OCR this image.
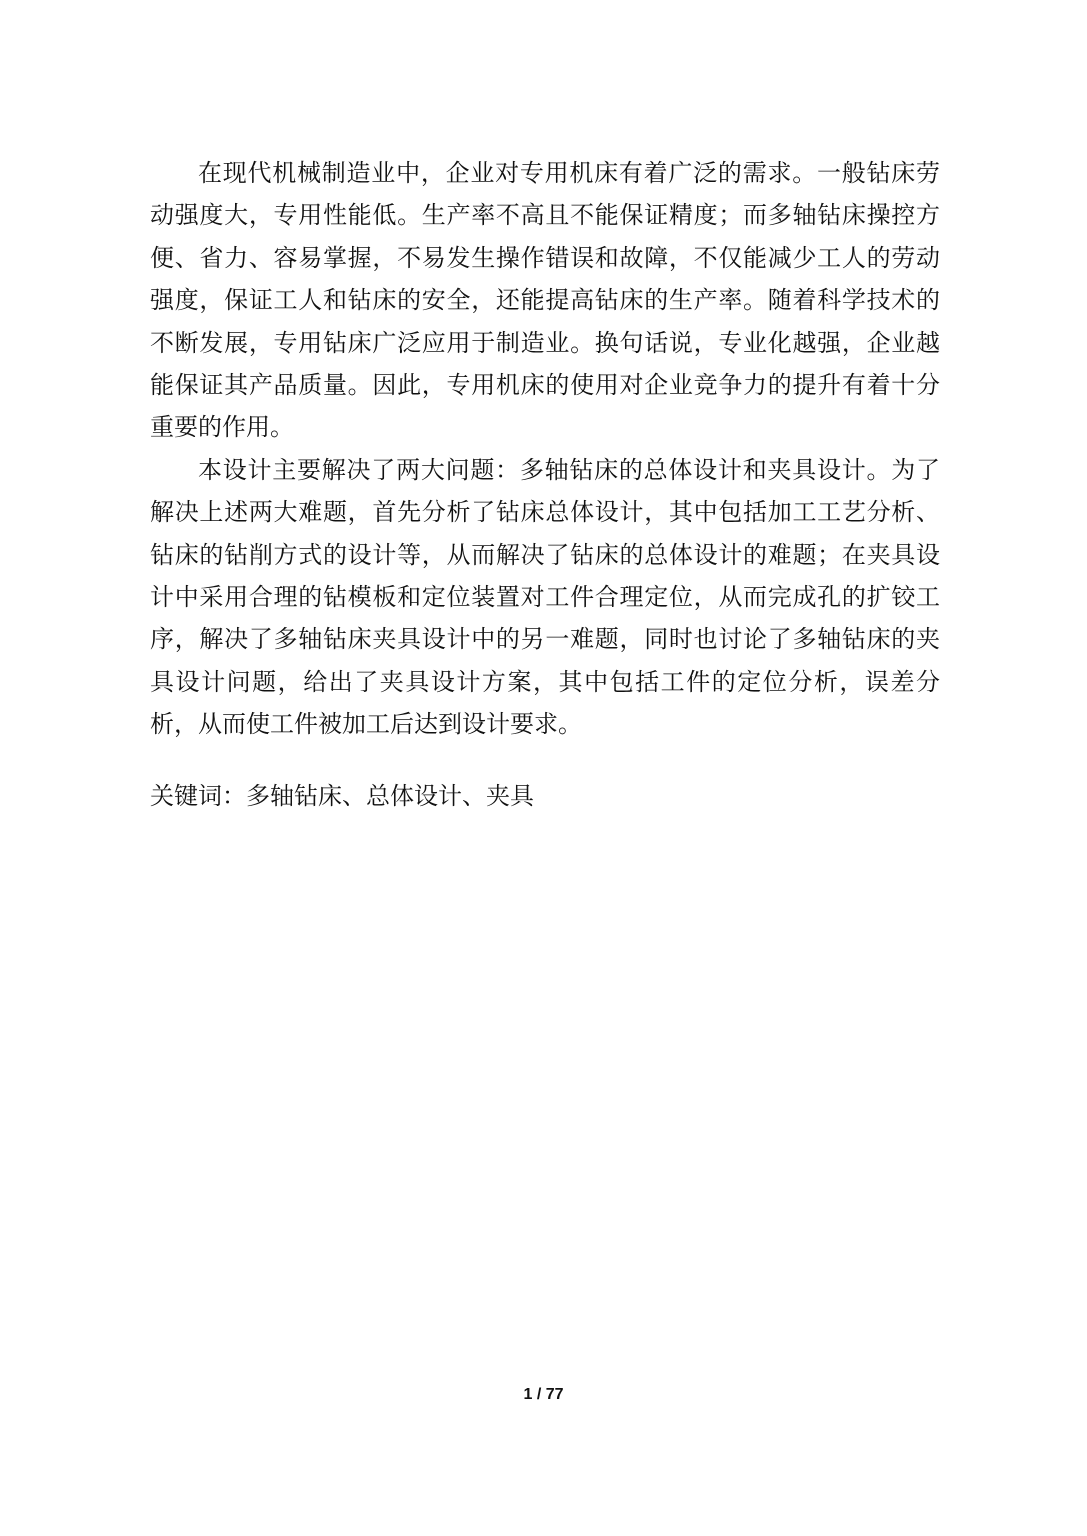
在现代机械制造业中，企业对专用机床有着广泛的需求。一般钻床劳动强度大，专用性能低。生产率不高且不能保证精度；而多轴钻床操控方便、省力、容易掌握，不易发生操作错误和故障，不仅能减少工人的劳动强度，保证工人和钻床的安全，还能提高钻床的生产率。随着科学技术的不断发展，专用钻床广泛应用于制造业。换句话说，专业化越强，企业越能保证其产品质量。因此，专用机床的使用对企业竞争力的提升有着十分重要的作用。

本设计主要解决了两大问题：多轴钻床的总体设计和夹具设计。为了解决上述两大难题，首先分析了钻床总体设计，其中包括加工工艺分析、钻床的钻削方式的设计等，从而解决了钻床的总体设计的难题；在夹具设计中采用合理的钻模板和定位装置对工件合理定位，从而完成孔的扩铰工序，解决了多轴钻床夹具设计中的另一难题，同时也讨论了多轴钻床的夹具设计问题，给出了夹具设计方案，其中包括工件的定位分析，误差分析，从而使工件被加工后达到设计要求。

关键词：多轴钻床、总体设计、夹具
1 / 77
